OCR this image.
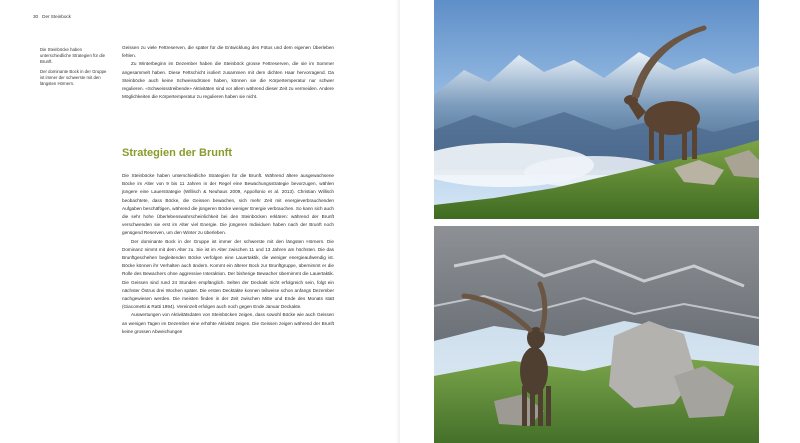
30 Der Steinbock

Die Steinböcke haben unterschiedliche Strategien für die Brunft.

Der dominante Bock in der Gruppe ist immer der schwerste mit den längsten Hörnern.

Geissen zu viele Fettreserven, die später für die Entwicklung des Fötus und dem eigenen Überleben fehlen.

Zu Winterbeginn im Dezember haben die Steinböck grosse Fettreserven, die sie im Sommer angesammelt haben. Diese Fettschicht isoliert zusammen mit dem dichten Haar hervorragend. Da Steinböcke auch keine Schweissdrüsen haben, können sie die Körpertemperatur nur schwer regulieren. «Schweissstreibende» Aktivitäten sind vor allem während dieser Zeit zu vermeiden. Andere Möglichkeiten die Körpertemperatur zu regulieren haben sie nicht.

Strategien der Brunft

Die Steinböcke haben unterschiedliche Strategien für die Brunft. Während ältere ausgewachsene Böcke im Alter von 9 bis 11 Jahren in der Regel eine Bewachungsstrategie bevorzugen, wählen jüngere eine Lauerstrategie (Willisch & Neuhaus 2009, Appollonio et al. 2013). Christian Willisch beobachtete, dass Böcke, die Geissen bewachen, sich mehr Zeit mit energieverbrauchenden Aufgaben beschäftigen, während die jüngeren Böcke weniger Energie verbrauchen. So kann sich auch die sehr hohe Überlebenswahrscheinlichkeit bei den Steinböcken erklären: während der Brunft verschwenden sie erst im Alter viel Energie. Die jüngeren Individuen haben nach der Brunft noch genügend Reserven, um den Winter zu überleben.

Der dominante Bock in der Gruppe ist immer der schwerste mit den längsten Hörnern. Die Dominanz nimmt mit dem Alter zu. Sie ist im Alter zwischen 11 und 13 Jahren am höchsten. Die das Brunftgeschehen begleitenden Böcke verfolgen eine Lauertaktik, die weniger energieaufwendig ist. Böcke können ihr Verhalten auch ändern. Kommt ein älterer Bock zur Brunftgruppe, übernimmt er die Rolle des Bewachers ohne aggressive Interaktion. Der bisherige Bewacher übernimmt die Lauertaktik. Die Geissen sind rund 24 Stunden empfänglich. Selten der Deckakt nicht erfolgreich sein, folgt ein nächster Östrus drei Wochen später. Die ersten Decktakte konnen teilweise schon anfangs Dezember nachgewiesen werden. Die meisten finden in der Zeit zwischen Mitte und Ende des Monats statt (Giacometti & Ratti 1994). Vereinzelt erfolgen auch noch gegen Ende Januar Deckakte.

Auswertungen von Aktivitätsdaten von Steinböcken zeigen, dass sowohl Böcke wie auch Geissen an wenigen Tagen im Dezember eine erhöhte Aktivität zeigen. Die Geissen zeigen während der Brunft keine grossen Abweichungen
